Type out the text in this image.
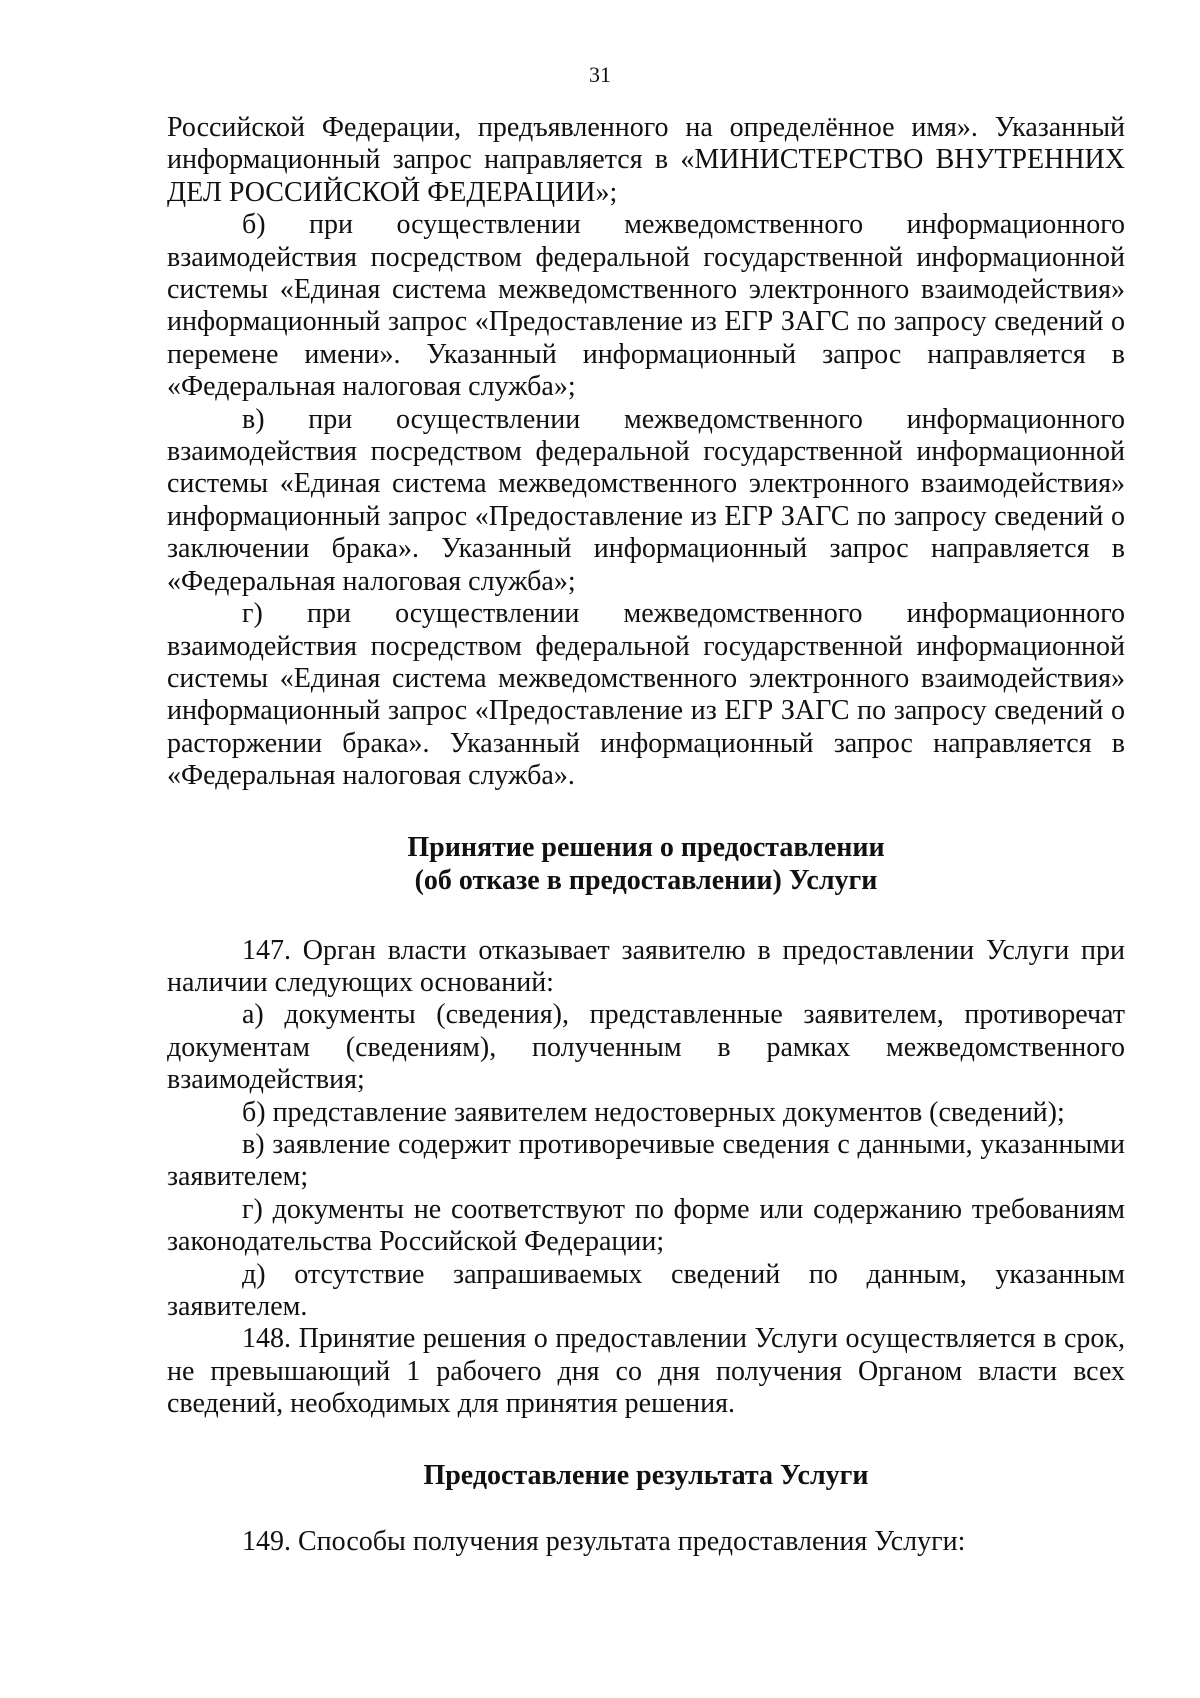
31

Российской Федерации, предъявленного на определённое имя». Указанный информационный запрос направляется в «МИНИСТЕРСТВО ВНУТРЕННИХ ДЕЛ РОССИЙСКОЙ ФЕДЕРАЦИИ»;

б) при осуществлении межведомственного информационного взаимодействия посредством федеральной государственной информационной системы «Единая система межведомственного электронного взаимодействия» информационный запрос «Предоставление из ЕГР ЗАГС по запросу сведений о перемене имени». Указанный информационный запрос направляется в «Федеральная налоговая служба»;

в) при осуществлении межведомственного информационного взаимодействия посредством федеральной государственной информационной системы «Единая система межведомственного электронного взаимодействия» информационный запрос «Предоставление из ЕГР ЗАГС по запросу сведений о заключении брака». Указанный информационный запрос направляется в «Федеральная налоговая служба»;

г) при осуществлении межведомственного информационного взаимодействия посредством федеральной государственной информационной системы «Единая система межведомственного электронного взаимодействия» информационный запрос «Предоставление из ЕГР ЗАГС по запросу сведений о расторжении брака». Указанный информационный запрос направляется в «Федеральная налоговая служба».

Принятие решения о предоставлении
(об отказе в предоставлении) Услуги

147. Орган власти отказывает заявителю в предоставлении Услуги при наличии следующих оснований:

а) документы (сведения), представленные заявителем, противоречат документам (сведениям), полученным в рамках межведомственного взаимодействия;

б) представление заявителем недостоверных документов (сведений);

в) заявление содержит противоречивые сведения с данными, указанными заявителем;

г) документы не соответствуют по форме или содержанию требованиям законодательства Российской Федерации;

д) отсутствие запрашиваемых сведений по данным, указанным заявителем.

148. Принятие решения о предоставлении Услуги осуществляется в срок, не превышающий 1 рабочего дня со дня получения Органом власти всех сведений, необходимых для принятия решения.

Предоставление результата Услуги

149. Способы получения результата предоставления Услуги:
